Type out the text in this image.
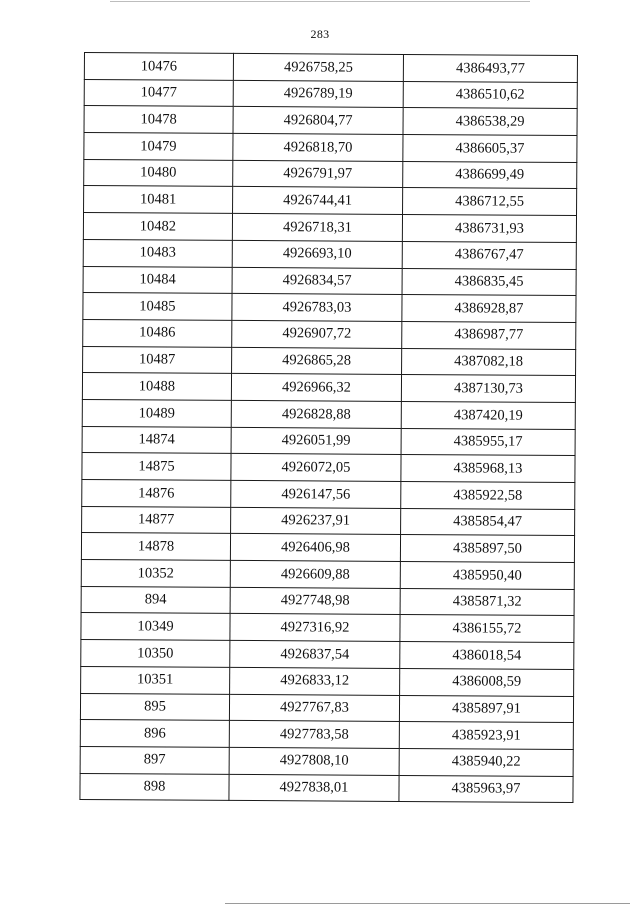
283
10476	4926758,25	4386493,77
10477	4926789,19	4386510,62
10478	4926804,77	4386538,29
10479	4926818,70	4386605,37
10480	4926791,97	4386699,49
10481	4926744,41	4386712,55
10482	4926718,31	4386731,93
10483	4926693,10	4386767,47
10484	4926834,57	4386835,45
10485	4926783,03	4386928,87
10486	4926907,72	4386987,77
10487	4926865,28	4387082,18
10488	4926966,32	4387130,73
10489	4926828,88	4387420,19
14874	4926051,99	4385955,17
14875	4926072,05	4385968,13
14876	4926147,56	4385922,58
14877	4926237,91	4385854,47
14878	4926406,98	4385897,50
10352	4926609,88	4385950,40
894	4927748,98	4385871,32
10349	4927316,92	4386155,72
10350	4926837,54	4386018,54
10351	4926833,12	4386008,59
895	4927767,83	4385897,91
896	4927783,58	4385923,91
897	4927808,10	4385940,22
898	4927838,01	4385963,97
